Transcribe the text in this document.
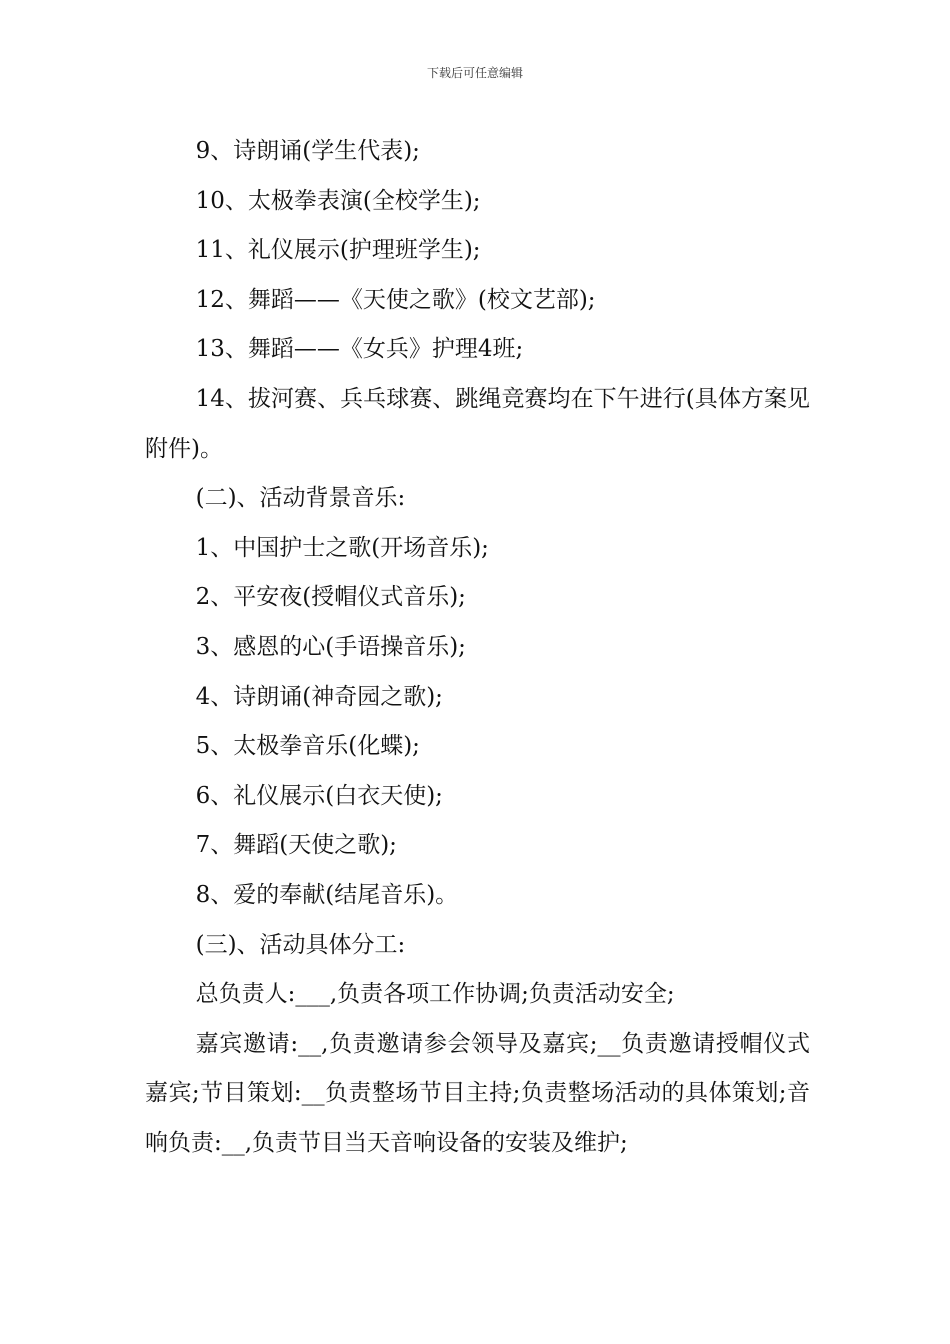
下载后可任意编辑

9、诗朗诵(学生代表);

10、太极拳表演(全校学生);

11、礼仪展示(护理班学生);

12、舞蹈——《天使之歌》(校文艺部);

13、舞蹈——《女兵》护理4班;

14、拔河赛、兵乓球赛、跳绳竞赛均在下午进行(具体方案见附件)。

(二)、活动背景音乐:

1、中国护士之歌(开场音乐);

2、平安夜(授帽仪式音乐);

3、感恩的心(手语操音乐);

4、诗朗诵(神奇园之歌);

5、太极拳音乐(化蝶);

6、礼仪展示(白衣天使);

7、舞蹈(天使之歌);

8、爱的奉献(结尾音乐)。

(三)、活动具体分工:

总负责人:___,负责各项工作协调;负责活动安全;

嘉宾邀请:__,负责邀请参会领导及嘉宾;__负责邀请授帽仪式嘉宾;节目策划:__负责整场节目主持;负责整场活动的具体策划;音响负责:__,负责节目当天音响设备的安装及维护;
